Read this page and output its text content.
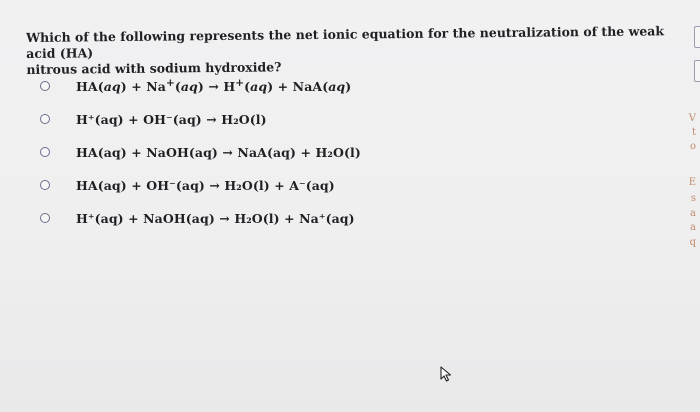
Which of the following represents the net ionic equation for the neutralization of the weak acid (HA)
nitrous acid with sodium hydroxide?
HA(aq) + Na+(aq) → H+(aq) + NaA(aq)
H⁺(aq) + OH⁻(aq) → H₂O(l)
HA(aq) + NaOH(aq) → NaA(aq) + H₂O(l)
HA(aq) + OH⁻(aq) → H₂O(l) + A⁻(aq)
H⁺(aq) + NaOH(aq) → H₂O(l) + Na⁺(aq)
V
t
o
E
s
a
a
q
